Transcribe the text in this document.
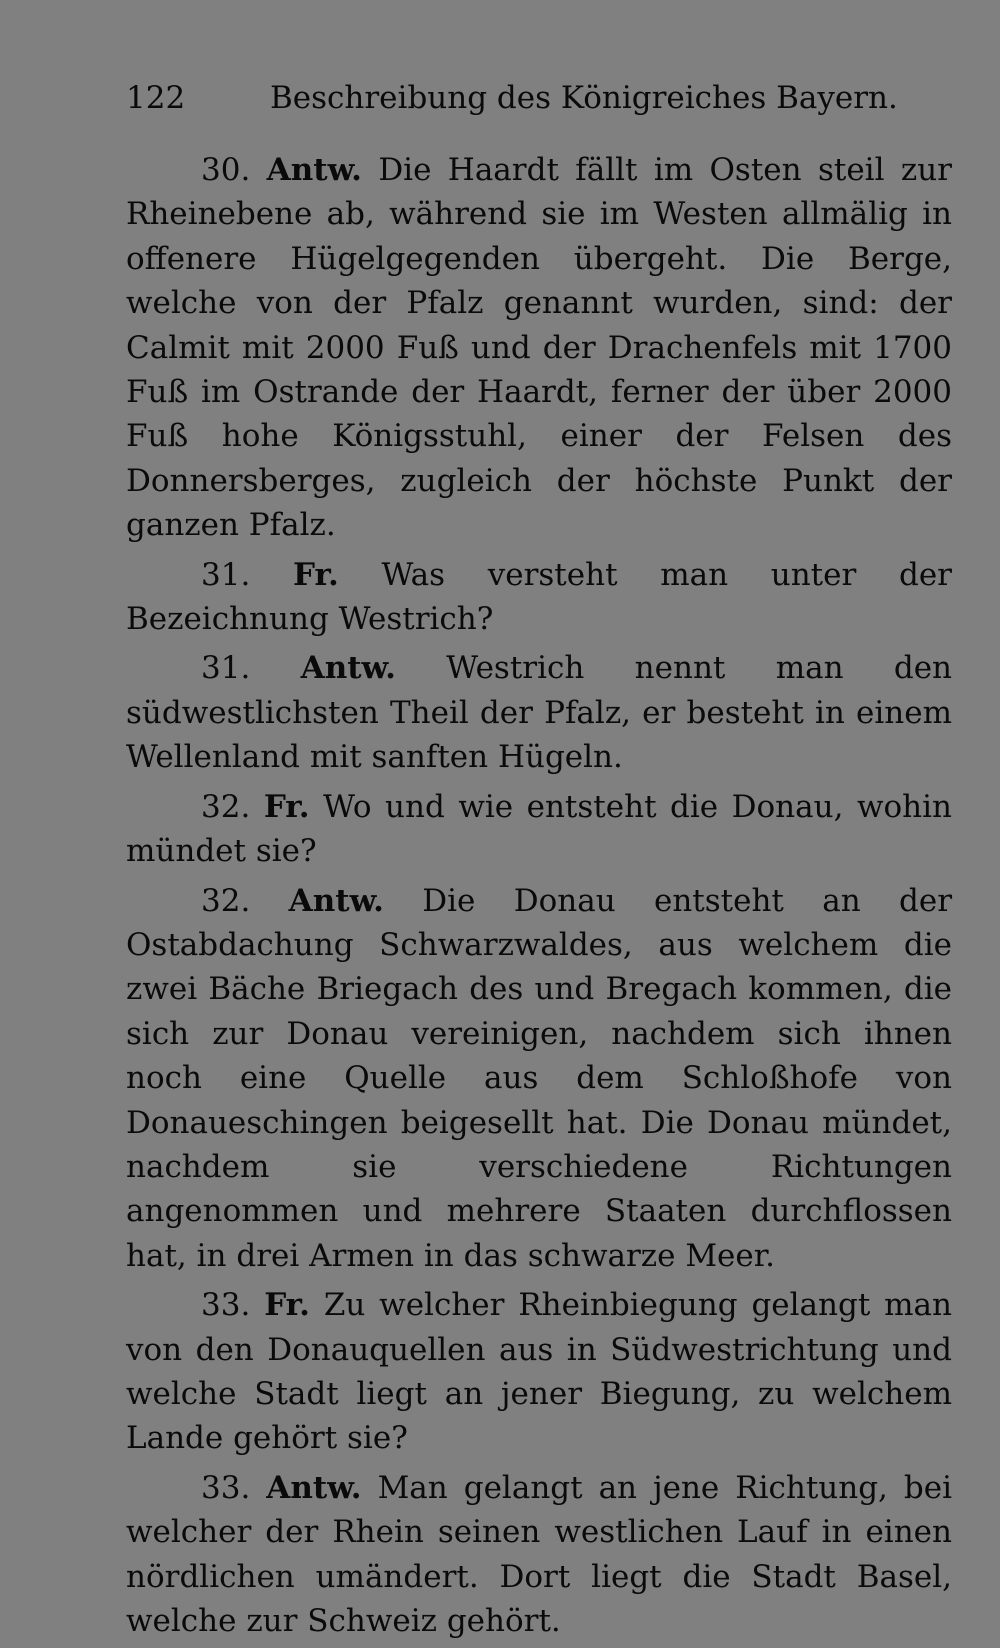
122	Beschreibung des Königreiches Bayern.

30. Antw. Die Haardt fällt im Osten steil zur Rheinebene ab, während sie im Westen allmälig in offenere Hügelgegenden übergeht. Die Berge, welche von der Pfalz genannt wurden, sind: der Calmit mit 2000 Fuß und der Drachenfels mit 1700 Fuß im Ostrande der Haardt, ferner der über 2000 Fuß hohe Königsstuhl, einer der Felsen des Donnersberges, zugleich der höchste Punkt der ganzen Pfalz.

31. Fr. Was versteht man unter der Bezeichnung Westrich?

31. Antw. Westrich nennt man den südwestlichsten Theil der Pfalz, er besteht in einem Wellenland mit sanften Hügeln.

32. Fr. Wo und wie entsteht die Donau, wohin mündet sie?

32. Antw. Die Donau entsteht an der Ostabdachung Schwarzwaldes, aus welchem die zwei Bäche Briegach des und Bregach kommen, die sich zur Donau vereinigen, nachdem sich ihnen noch eine Quelle aus dem Schloßhofe von Donaueschingen beigesellt hat. Die Donau mündet, nachdem sie verschiedene Richtungen angenommen und mehrere Staaten durchflossen hat, in drei Armen in das schwarze Meer.

33. Fr. Zu welcher Rheinbiegung gelangt man von den Donauquellen aus in Südwestrichtung und welche Stadt liegt an jener Biegung, zu welchem Lande gehört sie?

33. Antw. Man gelangt an jene Richtung, bei welcher der Rhein seinen westlichen Lauf in einen nördlichen umändert. Dort liegt die Stadt Basel, welche zur Schweiz gehört.
